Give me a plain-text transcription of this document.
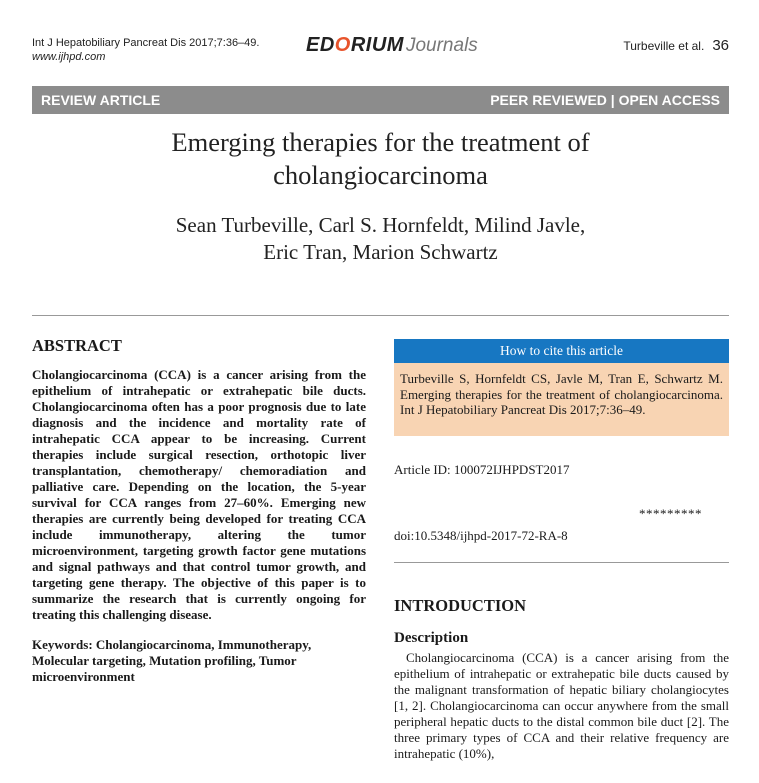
Int J Hepatobiliary Pancreat Dis 2017;7:36–49.
www.ijhpd.com
EDORIUM Journals	Turbeville et al. 36
REVIEW ARTICLE	PEER REVIEWED | OPEN ACCESS
Emerging therapies for the treatment of
cholangiocarcinoma
Sean Turbeville, Carl S. Hornfeldt, Milind Javle,
Eric Tran, Marion Schwartz
ABSTRACT

Cholangiocarcinoma (CCA) is a cancer arising from the epithelium of intrahepatic or extrahepatic bile ducts. Cholangiocarcinoma often has a poor prognosis due to late diagnosis and the incidence and mortality rate of intrahepatic CCA appear to be increasing. Current therapies include surgical resection, orthotopic liver transplantation, chemotherapy/ chemoradiation and palliative care. Depending on the location, the 5-year survival for CCA ranges from 27–60%. Emerging new therapies are currently being developed for treating CCA include immunotherapy, altering the tumor microenvironment, targeting growth factor gene mutations and signal pathways and that control tumor growth, and targeting gene therapy. The objective of this paper is to summarize the research that is currently ongoing for treating this challenging disease.

Keywords: Cholangiocarcinoma, Immunotherapy, Molecular targeting, Mutation profiling, Tumor microenvironment

How to cite this article
Turbeville S, Hornfeldt CS, Javle M, Tran E, Schwartz M. Emerging therapies for the treatment of cholangiocarcinoma. Int J Hepatobiliary Pancreat Dis 2017;7:36–49.
Article ID: 100072IJHPDST2017
*********
doi:10.5348/ijhpd-2017-72-RA-8
INTRODUCTION
Description

Cholangiocarcinoma (CCA) is a cancer arising from the epithelium of intrahepatic or extrahepatic bile ducts caused by the malignant transformation of hepatic biliary cholangiocytes [1, 2]. Cholangiocarcinoma can occur anywhere from the small peripheral hepatic ducts to the distal common bile duct [2]. The three primary types of CCA and their relative frequency are intrahepatic (10%),
